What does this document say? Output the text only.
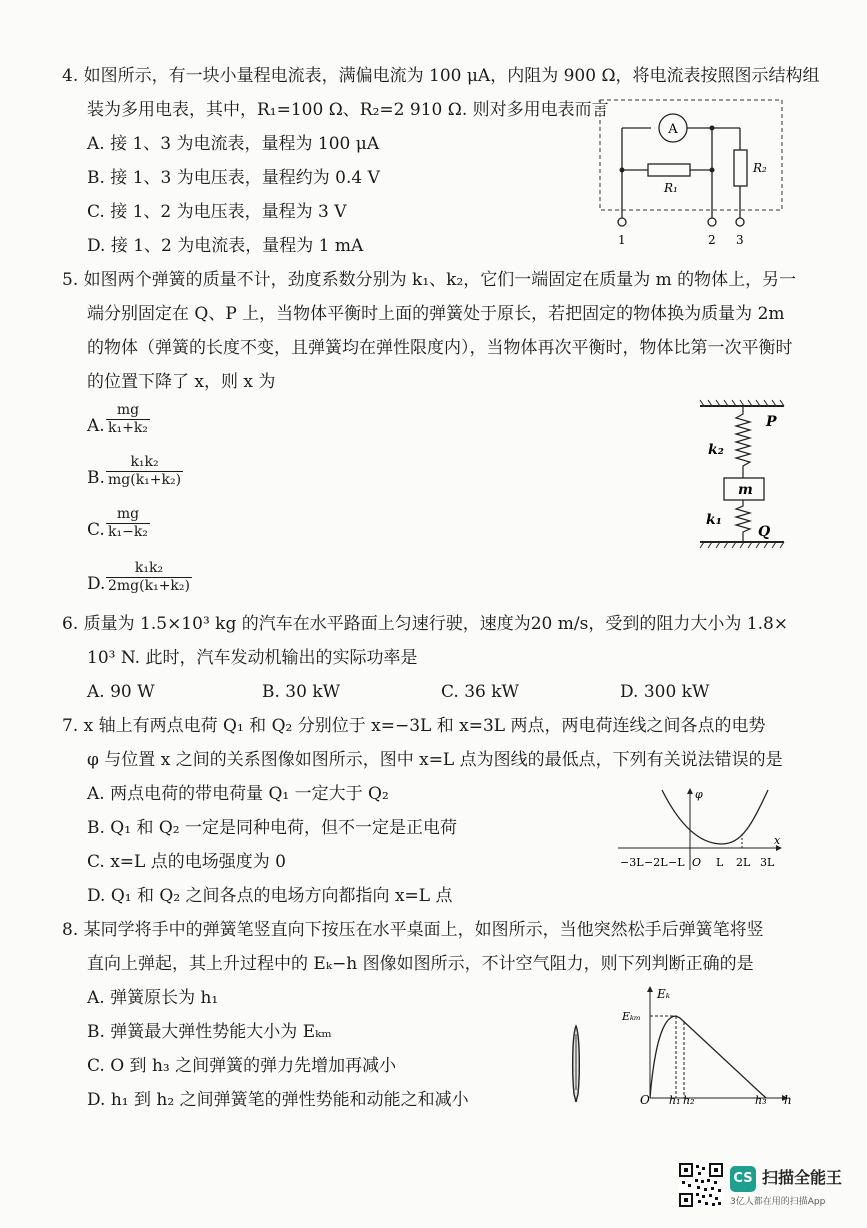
4. 如图所示，有一块小量程电流表，满偏电流为 100 μA，内阻为 900 Ω，将电流表按照图示结构组
装为多用电表，其中，R₁=100 Ω、R₂=2 910 Ω. 则对多用电表而言
A. 接 1、3 为电流表，量程为 100 μA
B. 接 1、3 为电压表，量程约为 0.4 V
C. 接 1、2 为电压表，量程为 3 V
D. 接 1、2 为电流表，量程为 1 mA
A
R₁
R₂
1	2 3
5. 如图两个弹簧的质量不计，劲度系数分别为 k₁、k₂，它们一端固定在质量为 m 的物体上，另一
端分别固定在 Q、P 上，当物体平衡时上面的弹簧处于原长，若把固定的物体换为质量为 2m
的物体（弹簧的长度不变，且弹簧均在弹性限度内），当物体再次平衡时，物体比第一次平衡时
的位置下降了 x，则 x 为
A. $\frac{mg}{\text{k₁+k₂}}$
B. $\frac{\text{k₁k₂}}{\text{mg(k₁+k₂)}}$
C. $\frac{mg}{\text{k₁−k₂}}$
D. $\frac{\text{k₁k₂}}{\text{2mg(k₁+k₂)}}$
m
P
k₂
k₁
Q
6. 质量为 1.5×10³ kg 的汽车在水平路面上匀速行驶，速度为20 m/s，受到的阻力大小为 1.8×
10³ N. 此时，汽车发动机输出的实际功率是
A. 90 W	B. 30 kW	C. 36 kW	D. 300 kW
7. x 轴上有两点电荷 Q₁ 和 Q₂ 分别位于 x=−3L 和 x=3L 两点，两电荷连线之间各点的电势
φ 与位置 x 之间的关系图像如图所示，图中 x=L 点为图线的最低点，下列有关说法错误的是
A. 两点电荷的带电荷量 Q₁ 一定大于 Q₂
B. Q₁ 和 Q₂ 一定是同种电荷，但不一定是正电荷
C. x=L 点的电场强度为 0
D. Q₁ 和 Q₂ 之间各点的电场方向都指向 x=L 点
φ
x
−3L −2L −L O L 2L 3L
8. 某同学将手中的弹簧笔竖直向下按压在水平桌面上，如图所示，当他突然松手后弹簧笔将竖
直向上弹起，其上升过程中的 Eₖ−h 图像如图所示，不计空气阻力，则下列判断正确的是
A. 弹簧原长为 h₁
B. 弹簧最大弹性势能大小为 Eₖₘ
C. O 到 h₃ 之间弹簧的弹力先增加再减小
D. h₁ 到 h₂ 之间弹簧笔的弹性势能和动能之和减小
Eₖ
Eₖₘ
O h₁ h₂	h₃ h
CS 扫描全能王
3亿人都在用的扫描App
